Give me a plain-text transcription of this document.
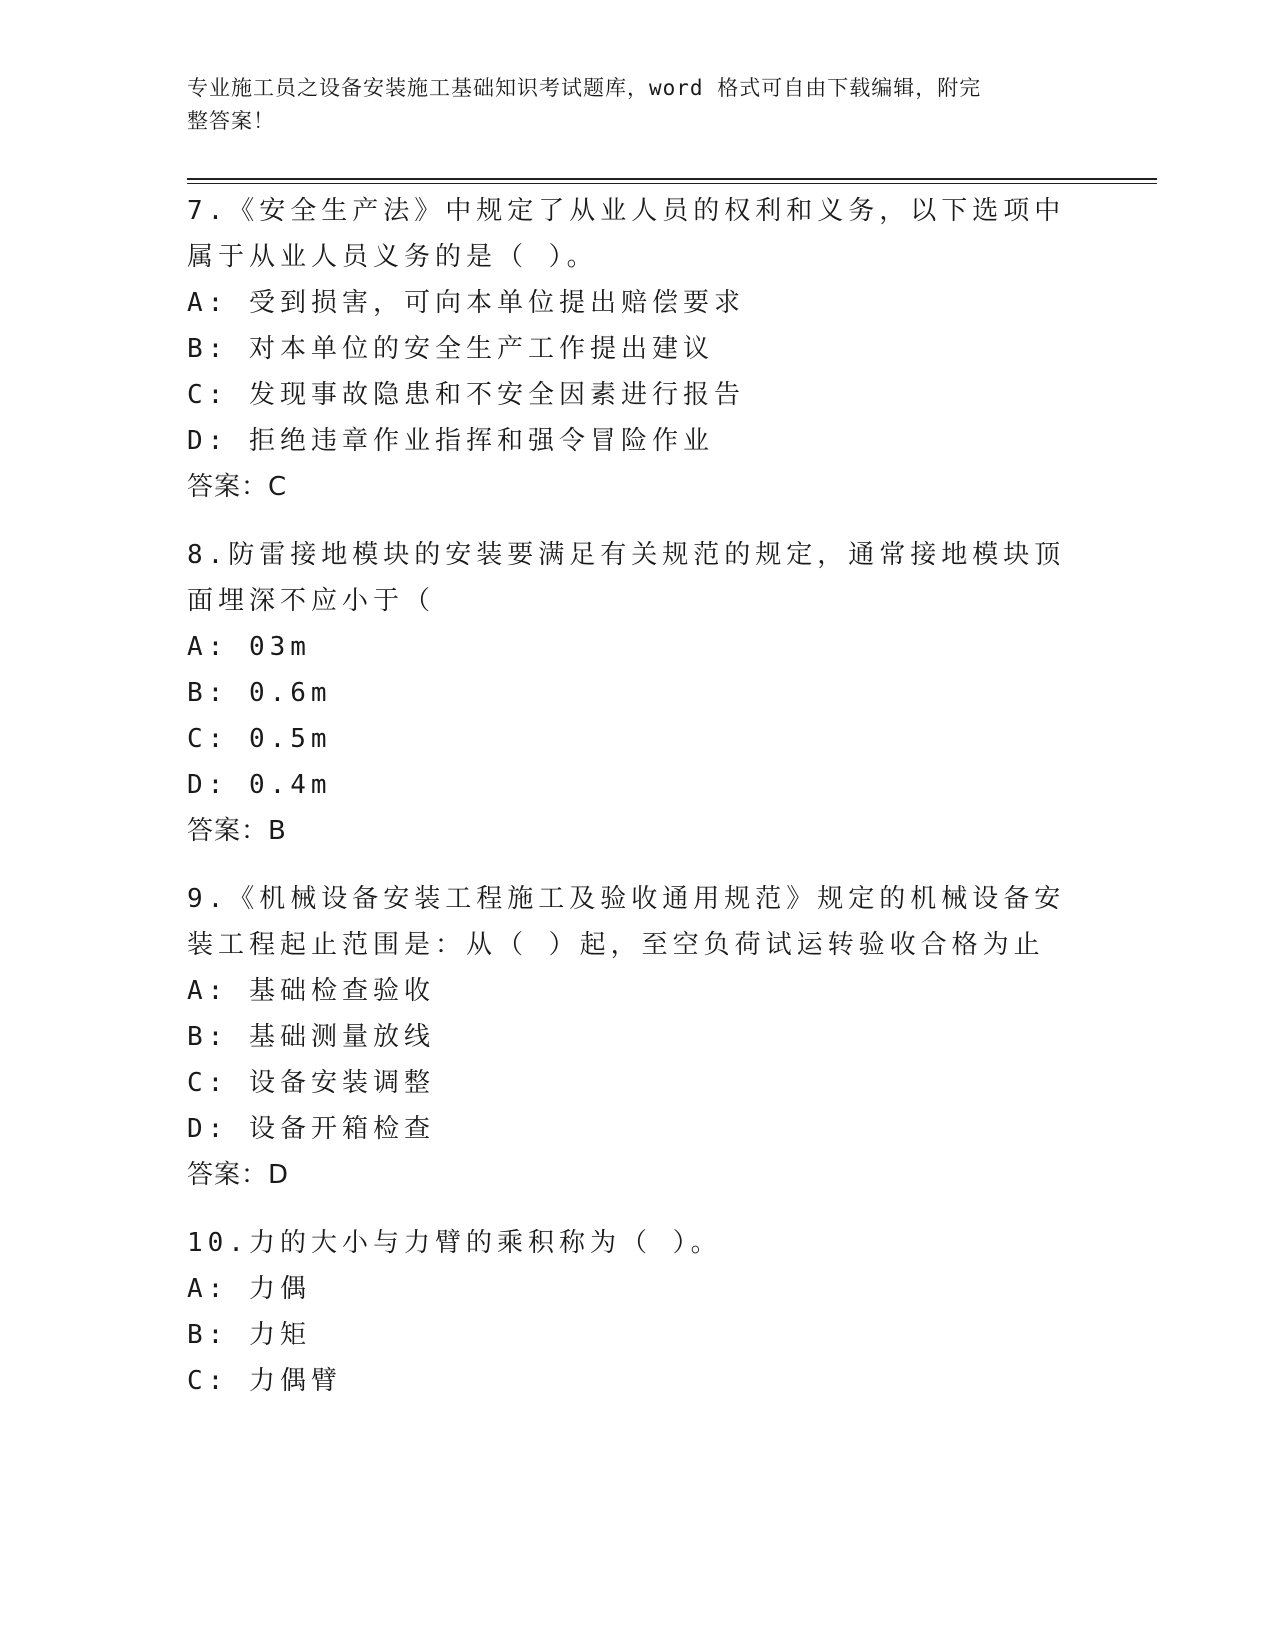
专业施工员之设备安装施工基础知识考试题库，word 格式可自由下载编辑，附完
整答案！

7.《安全生产法》中规定了从业人员的权利和义务，以下选项中属于从业人员义务的是（ ）。

A: 受到损害，可向本单位提出赔偿要求

B: 对本单位的安全生产工作提出建议

C: 发现事故隐患和不安全因素进行报告

D: 拒绝违章作业指挥和强令冒险作业

答案：C

8.防雷接地模块的安装要满足有关规范的规定，通常接地模块顶面埋深不应小于（

A: 03m

B: 0.6m

C: 0.5m

D: 0.4m

答案：B

9.《机械设备安装工程施工及验收通用规范》规定的机械设备安装工程起止范围是：从（ ）起，至空负荷试运转验收合格为止

A: 基础检查验收

B: 基础测量放线

C: 设备安装调整

D: 设备开箱检查

答案：D

10.力的大小与力臂的乘积称为（ ）。

A: 力偶

B: 力矩

C: 力偶臂
